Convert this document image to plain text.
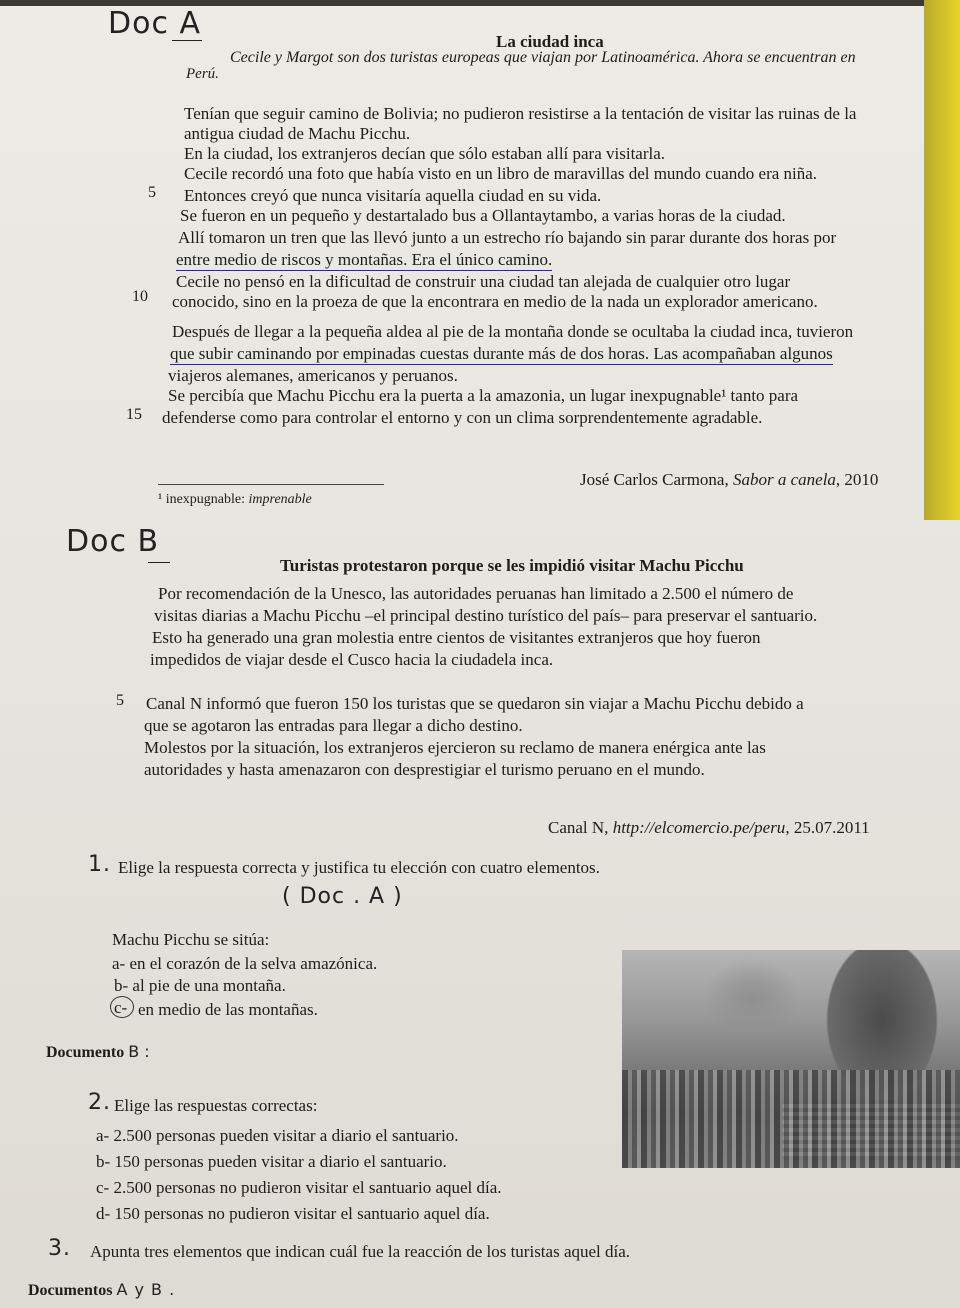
Doc A
La ciudad inca
Cecile y Margot son dos turistas europeas que viajan por Latinoamérica. Ahora se encuentran en
Perú.
Tenían que seguir camino de Bolivia; no pudieron resistirse a la tentación de visitar las ruinas de la
antigua ciudad de Machu Picchu.
En la ciudad, los extranjeros decían que sólo estaban allí para visitarla.
Cecile recordó una foto que había visto en un libro de maravillas del mundo cuando era niña.
5 Entonces creyó que nunca visitaría aquella ciudad en su vida.
Se fueron en un pequeño y destartalado bus a Ollantaytambo, a varias horas de la ciudad.
Allí tomaron un tren que las llevó junto a un estrecho río bajando sin parar durante dos horas por
entre medio de riscos y montañas. Era el único camino.
Cecile no pensó en la dificultad de construir una ciudad tan alejada de cualquier otro lugar
10 conocido, sino en la proeza de que la encontrara en medio de la nada un explorador americano.
Después de llegar a la pequeña aldea al pie de la montaña donde se ocultaba la ciudad inca, tuvieron
que subir caminando por empinadas cuestas durante más de dos horas. Las acompañaban algunos
viajeros alemanes, americanos y peruanos.
Se percibía que Machu Picchu era la puerta a la amazonia, un lugar inexpugnable¹ tanto para
15 defenderse como para controlar el entorno y con un clima sorprendentemente agradable.
José Carlos Carmona, Sabor a canela, 2010
¹ inexpugnable: imprenable
Doc B
Turistas protestaron porque se les impidió visitar Machu Picchu
Por recomendación de la Unesco, las autoridades peruanas han limitado a 2.500 el número de
visitas diarias a Machu Picchu –el principal destino turístico del país– para preservar el santuario.
Esto ha generado una gran molestia entre cientos de visitantes extranjeros que hoy fueron
impedidos de viajar desde el Cusco hacia la ciudadela inca.
5 Canal N informó que fueron 150 los turistas que se quedaron sin viajar a Machu Picchu debido a
que se agotaron las entradas para llegar a dicho destino.
Molestos por la situación, los extranjeros ejercieron su reclamo de manera enérgica ante las
autoridades y hasta amenazaron con desprestigiar el turismo peruano en el mundo.
Canal N, http://elcomercio.pe/peru, 25.07.2011
1. Elige la respuesta correcta y justifica tu elección con cuatro elementos.
( Doc . A )
Machu Picchu se sitúa:
a- en el corazón de la selva amazónica.
b- al pie de una montaña.
c- en medio de las montañas.
Documento B :
2. Elige las respuestas correctas:
a- 2.500 personas pueden visitar a diario el santuario.
b- 150 personas pueden visitar a diario el santuario.
c- 2.500 personas no pudieron visitar el santuario aquel día.
d- 150 personas no pudieron visitar el santuario aquel día.
3. Apunta tres elementos que indican cuál fue la reacción de los turistas aquel día.
Documentos A y B .
